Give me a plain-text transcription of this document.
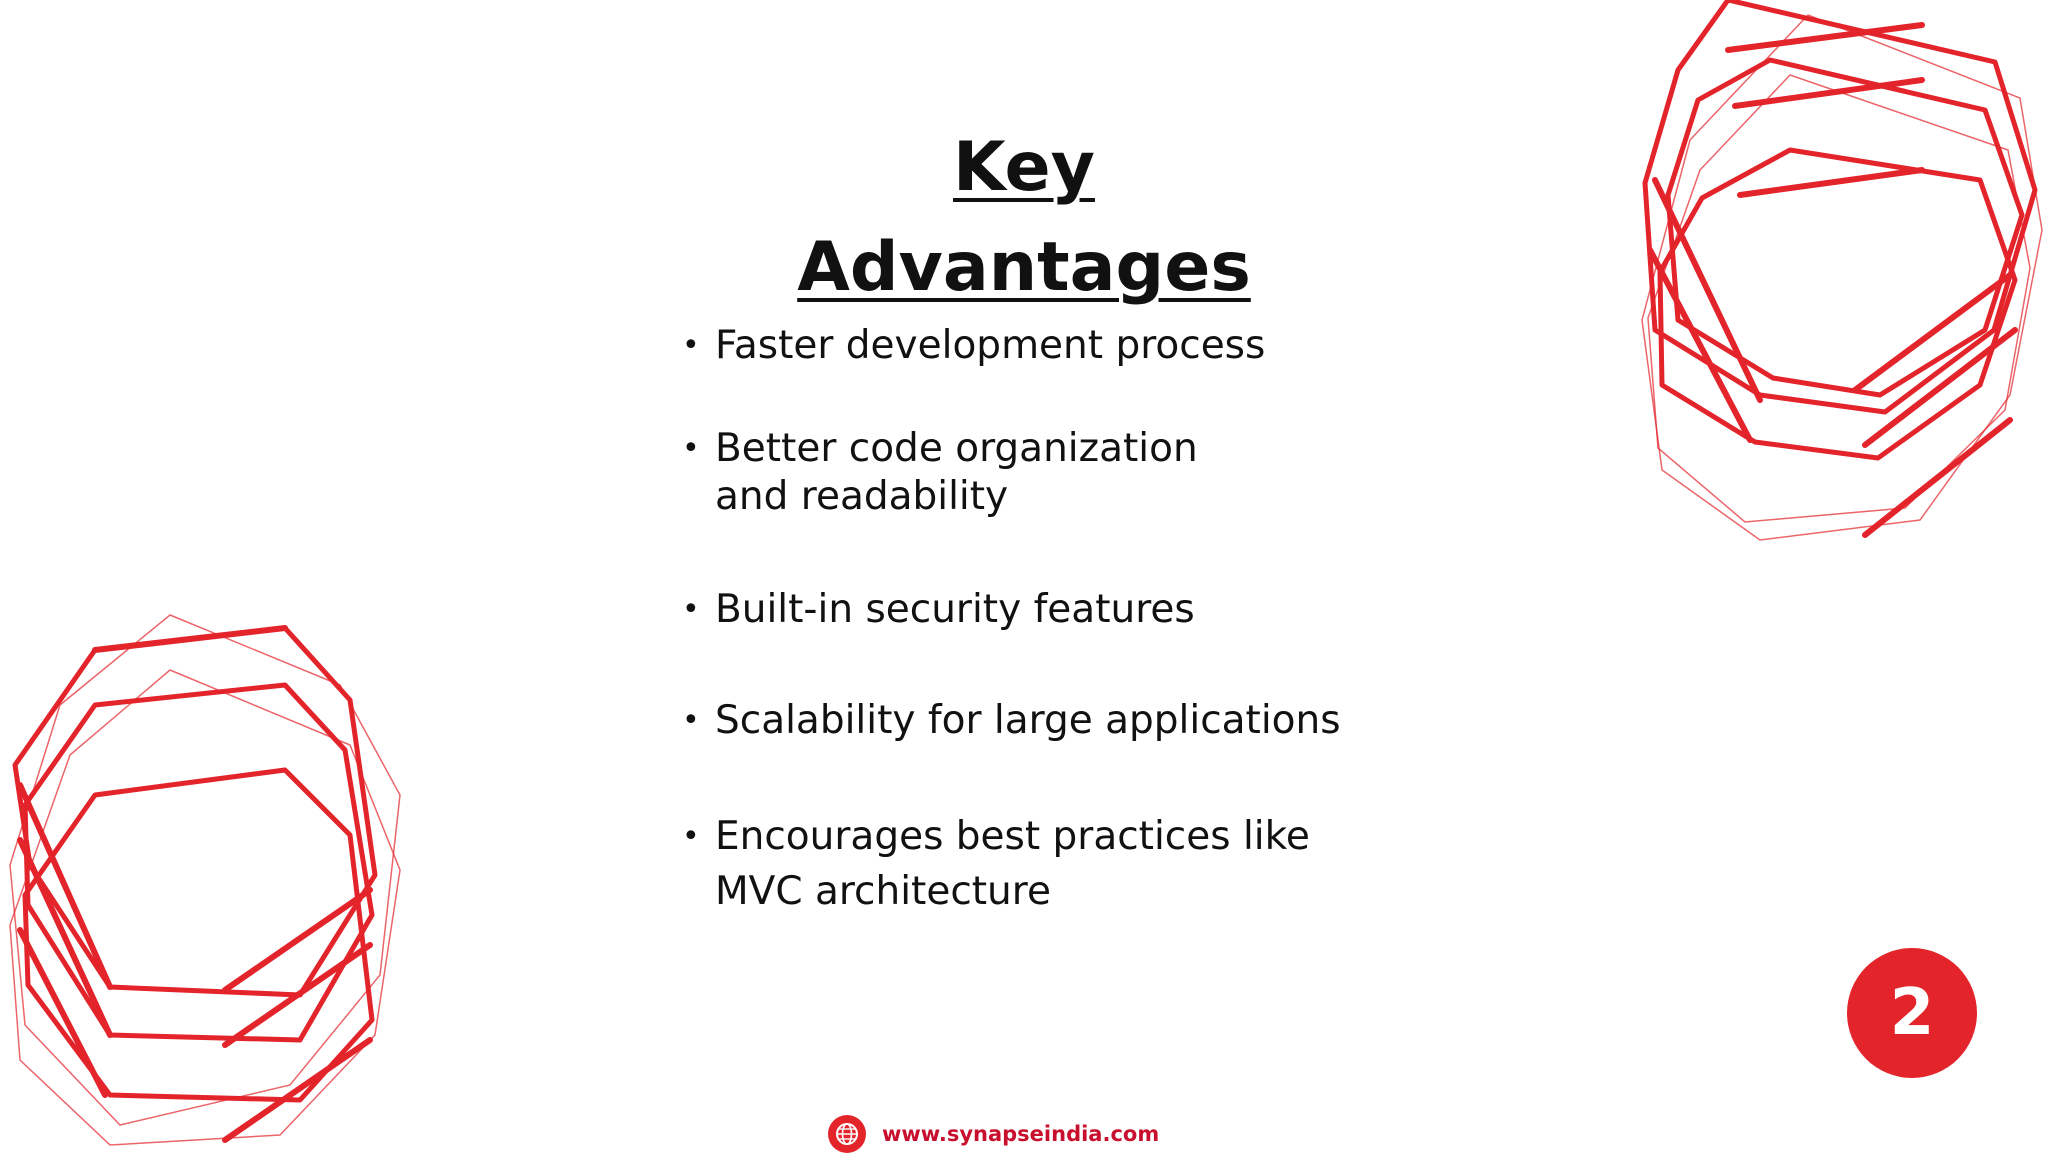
Key
Advantages
• Faster development process
• Better code organization and readability
• Built-in security features
• Scalability for large applications
• Encourages best practices like MVC architecture
2
www.synapseindia.com
